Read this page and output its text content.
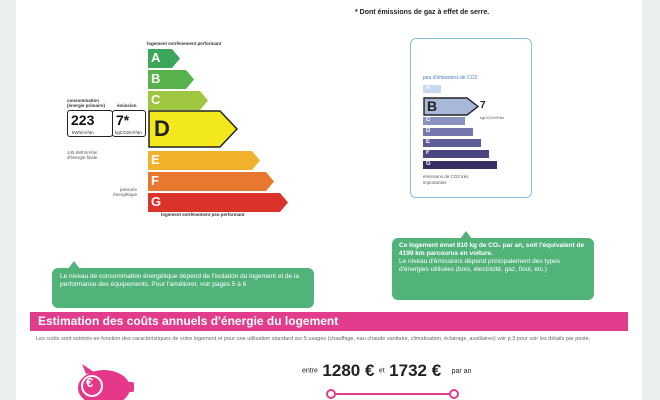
* Dont émissions de gaz à effet de serre.
logement extrêmement performant
A
B
C
D
E
F
G
logement extrêmement peu performant
consommation (énergie primaire)	émission
223
kWh/m²/an
7*
kgCO2/m²/an
145 kWh/m²/an d'énergie finale
passoire énergétique
peu d'émissions de CO2
A
B	7
kgCO2/m²/an
C
D
E
F
G
émissions de CO2 très importantes
Le niveau de consommation énergétique dépend de l'isolation du logement et de la performance des équipements. Pour l'améliorer, voir pages 5 à 6
Ce logement émet 810 kg de CO₂ par an, soit l'équivalent de 4199 km parcourus en voiture.
Le niveau d'émissions dépend principalement des types d'énergies utilisées (bois, électricité, gaz, fioul, etc.)
Estimation des coûts annuels d'énergie du logement
Les coûts sont estimés en fonction des caractéristiques de votre logement et pour une utilisation standard sur 5 usages (chauffage, eau chaude sanitaire, climatisation, éclairage, auxiliaires) voir p.3 pour voir les détails par poste.
€
entre 1280 € et 1732 € par an
